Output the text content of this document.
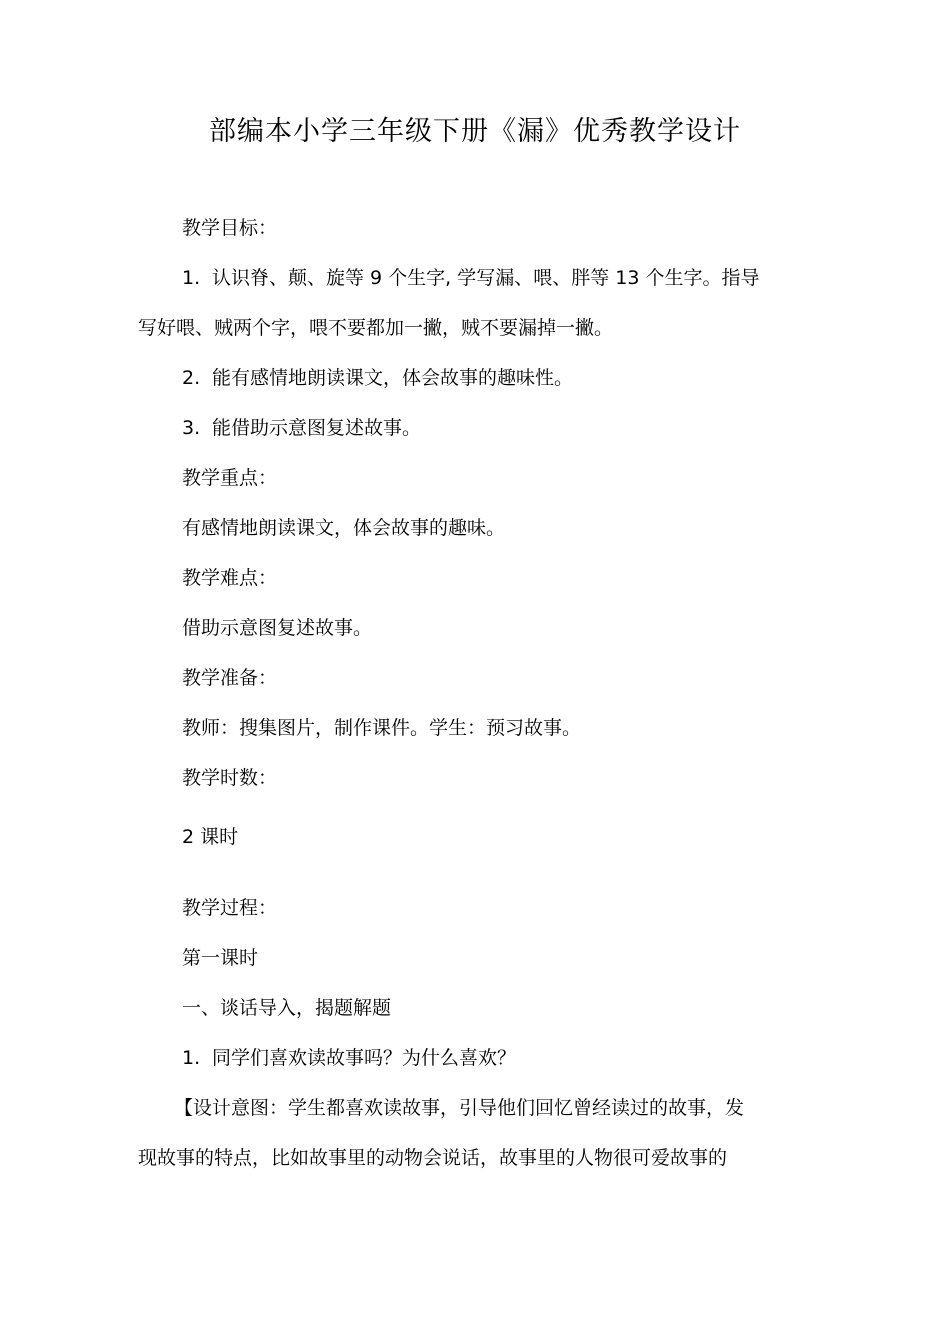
部编本小学三年级下册《漏》优秀教学设计
教学目标：
1. 认识脊、颠、旋等 9 个生字, 学写漏、喂、胖等 13 个生字。指导
写好喂、贼两个字，喂不要都加一撇，贼不要漏掉一撇。
2. 能有感情地朗读课文，体会故事的趣味性。
3. 能借助示意图复述故事。
教学重点：
有感情地朗读课文，体会故事的趣味。
教学难点：
借助示意图复述故事。
教学准备：
教师：搜集图片，制作课件。学生：预习故事。
教学时数：
2 课时
教学过程：
第一课时
一、谈话导入，揭题解题
1. 同学们喜欢读故事吗？为什么喜欢？
【设计意图：学生都喜欢读故事，引导他们回忆曾经读过的故事，发
现故事的特点，比如故事里的动物会说话，故事里的人物很可爱故事的
